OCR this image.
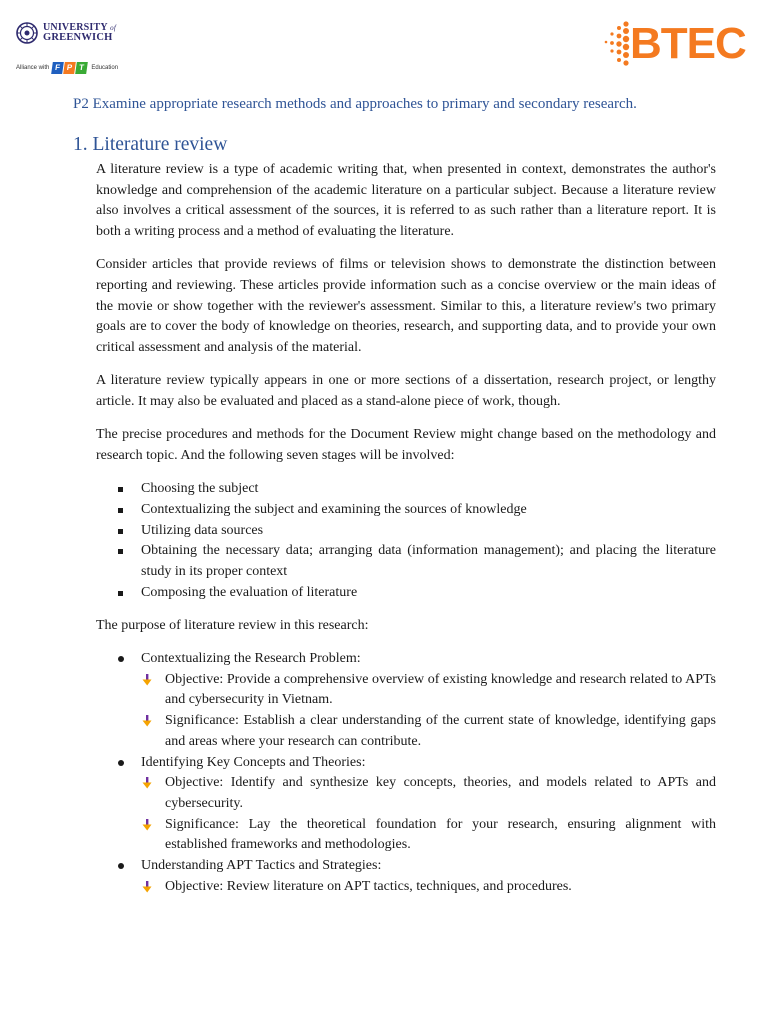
UNIVERSITY of
GREENWICH
Alliance with F P T	Education	BTEC
P2 Examine appropriate research methods and approaches to primary and secondary research.
1. Literature review

A literature review is a type of academic writing that, when presented in context, demonstrates the author's knowledge and comprehension of the academic literature on a particular subject. Because a literature review also involves a critical assessment of the sources, it is referred to as such rather than a literature report. It is both a writing process and a method of evaluating the literature.

Consider articles that provide reviews of films or television shows to demonstrate the distinction between reporting and reviewing. These articles provide information such as a concise overview or the main ideas of the movie or show together with the reviewer's assessment. Similar to this, a literature review's two primary goals are to cover the body of knowledge on theories, research, and supporting data, and to provide your own critical assessment and analysis of the material.

A literature review typically appears in one or more sections of a dissertation, research project, or lengthy article. It may also be evaluated and placed as a stand-alone piece of work, though.

The precise procedures and methods for the Document Review might change based on the methodology and research topic. And the following seven stages will be involved:

Choosing the subject
Contextualizing the subject and examining the sources of knowledge
Utilizing data sources
Obtaining the necessary data; arranging data (information management); and placing the literature study in its proper context
Composing the evaluation of literature

The purpose of literature review in this research:

Contextualizing the Research Problem:
Objective: Provide a comprehensive overview of existing knowledge and research related to APTs and cybersecurity in Vietnam.
Significance: Establish a clear understanding of the current state of knowledge, identifying gaps and areas where your research can contribute.
Identifying Key Concepts and Theories:
Objective: Identify and synthesize key concepts, theories, and models related to APTs and cybersecurity.
Significance: Lay the theoretical foundation for your research, ensuring alignment with established frameworks and methodologies.
Understanding APT Tactics and Strategies:
Objective: Review literature on APT tactics, techniques, and procedures.
